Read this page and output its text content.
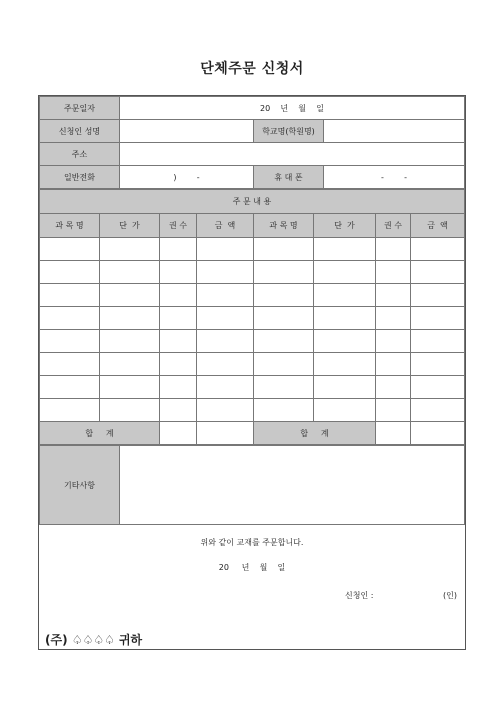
단체주문 신청서
주문일자	20    년    월    일		
신청인 성명		학교명(학원명)	
주소			
일반전화	)        -	휴 대 폰	-        -
주 문 내 용							
과 목 명	단  가	권 수	금  액	과 목 명	단  가	권 수	금  액

합     계				합     계			
기타사항	
위와 같이 교재를 주문합니다.
20     년    월    일
신청인 :	(인)
(주) ♤♤♤♤ 귀하
